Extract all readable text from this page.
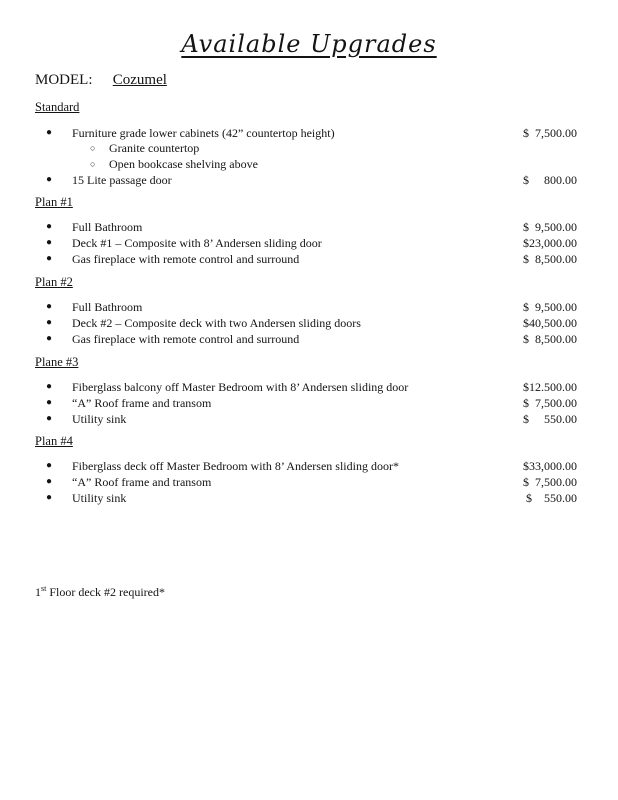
Available Upgrades
MODEL: Cozumel
Standard
● Furniture grade lower cabinets (42” countertop height)	$  7,500.00
○ Granite countertop
○ Open bookcase shelving above
● 15 Lite passage door	$     800.00
Plan #1
● Full Bathroom	$  9,500.00
● Deck #1 – Composite with 8’ Andersen sliding door	$23,000.00
● Gas fireplace with remote control and surround	$  8,500.00
Plan #2
● Full Bathroom	$  9,500.00
● Deck #2 – Composite deck with two Andersen sliding doors	$40,500.00
● Gas fireplace with remote control and surround	$  8,500.00
Plane #3
● Fiberglass balcony off Master Bedroom with 8’ Andersen sliding door	$12.500.00
● “A” Roof frame and transom	$  7,500.00
● Utility sink	$     550.00
Plan #4
● Fiberglass deck off Master Bedroom with 8’ Andersen sliding door*	$33,000.00
● “A” Roof frame and transom	$  7,500.00
● Utility sink	$    550.00
1st Floor deck #2 required*
